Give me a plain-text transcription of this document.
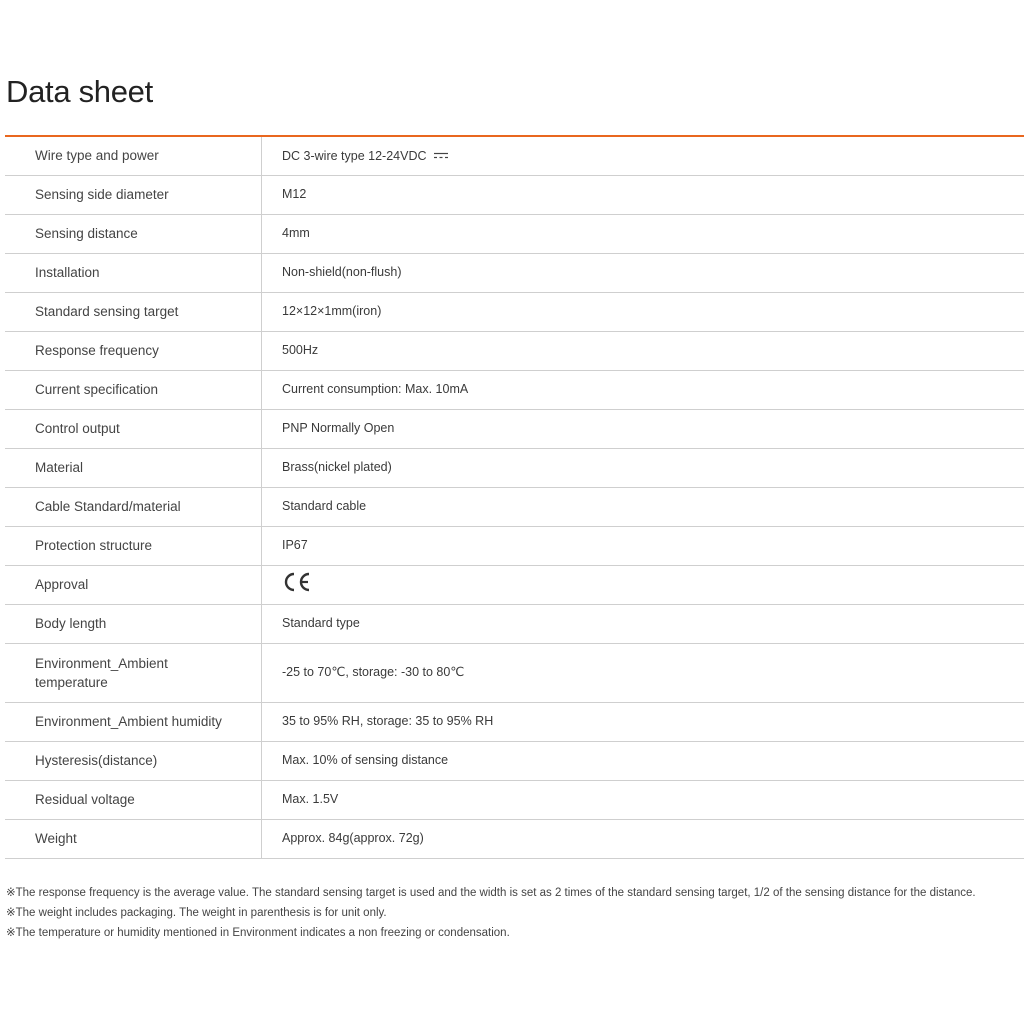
Data sheet
Wire type and power	DC 3-wire type 12-24VDC
Sensing side diameter	M12
Sensing distance	4mm
Installation	Non-shield(non-flush)
Standard sensing target	12×12×1mm(iron)
Response frequency	500Hz
Current specification	Current consumption: Max. 10mA
Control output	PNP Normally Open
Material	Brass(nickel plated)
Cable Standard/material	Standard cable
Protection structure	IP67
Approval	
Body length	Standard type
Environment_Ambient
temperature	-25 to 70℃, storage: -30 to 80℃
Environment_Ambient humidity	35 to 95% RH, storage: 35 to 95% RH
Hysteresis(distance)	Max. 10% of sensing distance
Residual voltage	Max. 1.5V
Weight	Approx. 84g(approx. 72g)
※The response frequency is the average value. The standard sensing target is used and the width is set as 2 times of the standard sensing target, 1/2 of the sensing distance for the distance.
※The weight includes packaging. The weight in parenthesis is for unit only.
※The temperature or humidity mentioned in Environment indicates a non freezing or condensation.
